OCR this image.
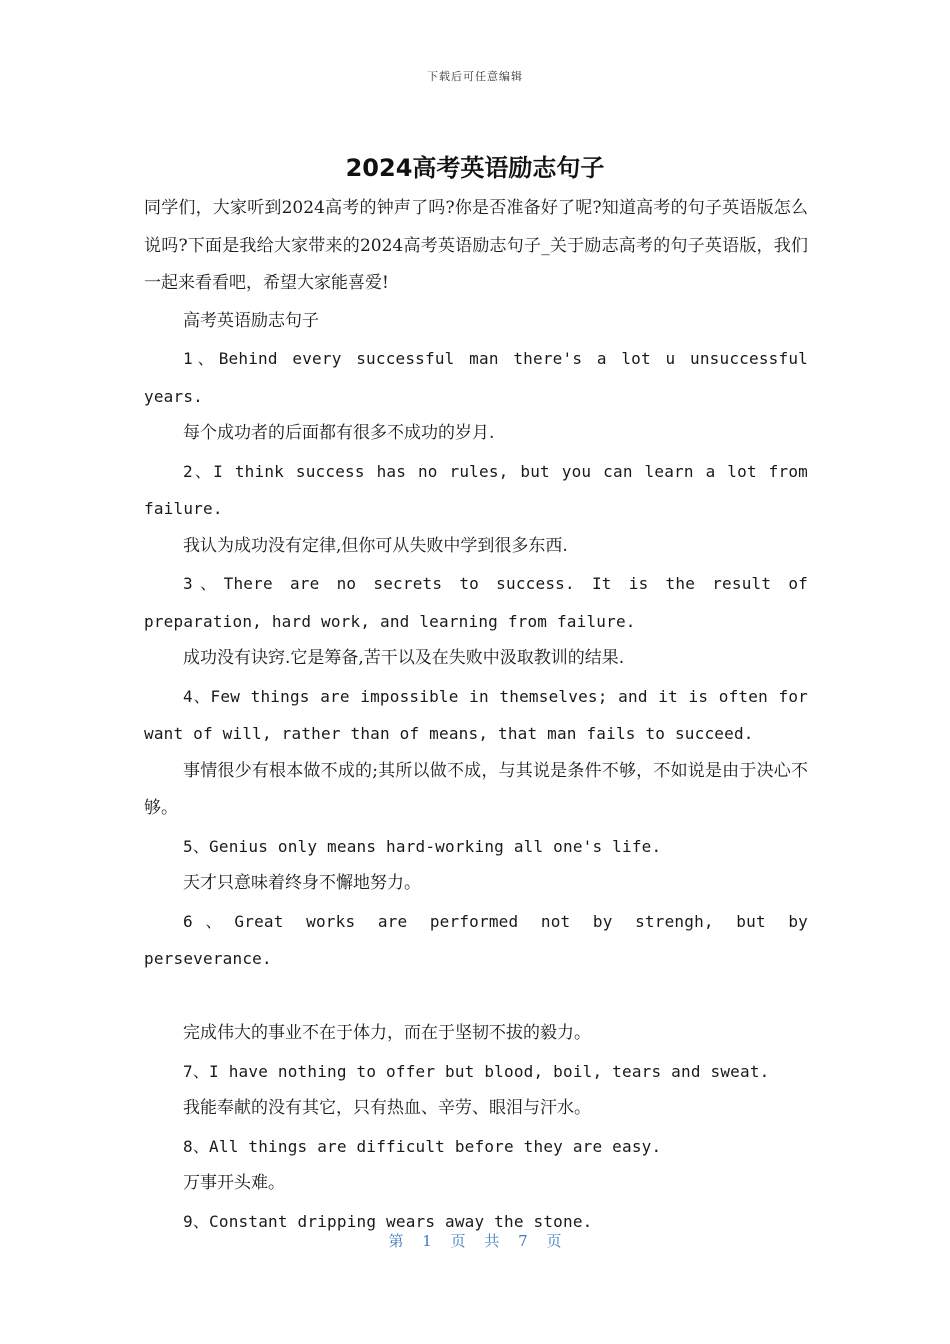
下载后可任意编辑
2024高考英语励志句子

同学们，大家听到2024高考的钟声了吗?你是否准备好了呢?知道高考的句子英语版怎么说吗?下面是我给大家带来的2024高考英语励志句子_关于励志高考的句子英语版，我们一起来看看吧，希望大家能喜爱!

高考英语励志句子

1、Behind every successful man there's a lot u unsuccessful years.

每个成功者的后面都有很多不成功的岁月.

2、I think success has no rules, but you can learn a lot from failure.

我认为成功没有定律,但你可从失败中学到很多东西.

3、There are no secrets to success. It is the result of preparation, hard work, and learning from failure.

成功没有诀窍.它是筹备,苦干以及在失败中汲取教训的结果.

4、Few things are impossible in themselves; and it is often for want of will, rather than of means, that man fails to succeed.

事情很少有根本做不成的;其所以做不成，与其说是条件不够，不如说是由于决心不够。

5、Genius only means hard-working all one's life.

天才只意味着终身不懈地努力。

6、Great works are performed not by strengh, but by perseverance.

完成伟大的事业不在于体力，而在于坚韧不拔的毅力。

7、I have nothing to offer but blood, boil, tears and sweat.

我能奉献的没有其它，只有热血、辛劳、眼泪与汗水。

8、All things are difficult before they are easy.

万事开头难。

9、Constant dripping wears away the stone.

第 1 页 共 7 页
